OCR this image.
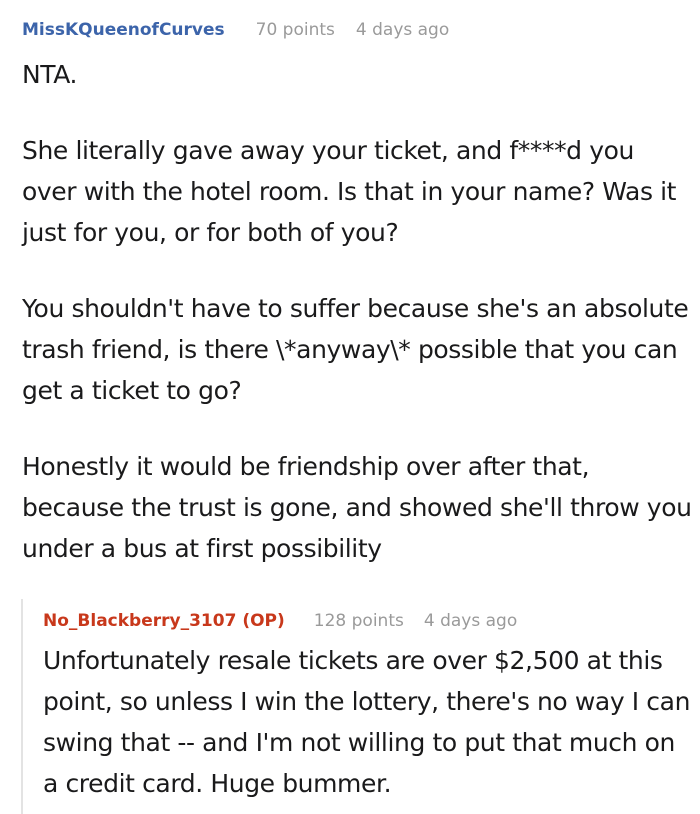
MissKQueenofCurves 70 points 4 days ago

NTA.

She literally gave away your ticket, and f****d you over with the hotel room. Is that in your name? Was it just for you, or for both of you?

You shouldn't have to suffer because she's an absolute trash friend, is there \*anyway\* possible that you can get a ticket to go?

Honestly it would be friendship over after that, because the trust is gone, and showed she'll throw you under a bus at first possibility

No_Blackberry_3107 (OP) 128 points 4 days ago

Unfortunately resale tickets are over $2,500 at this point, so unless I win the lottery, there's no way I can swing that -- and I'm not willing to put that much on a credit card. Huge bummer.
